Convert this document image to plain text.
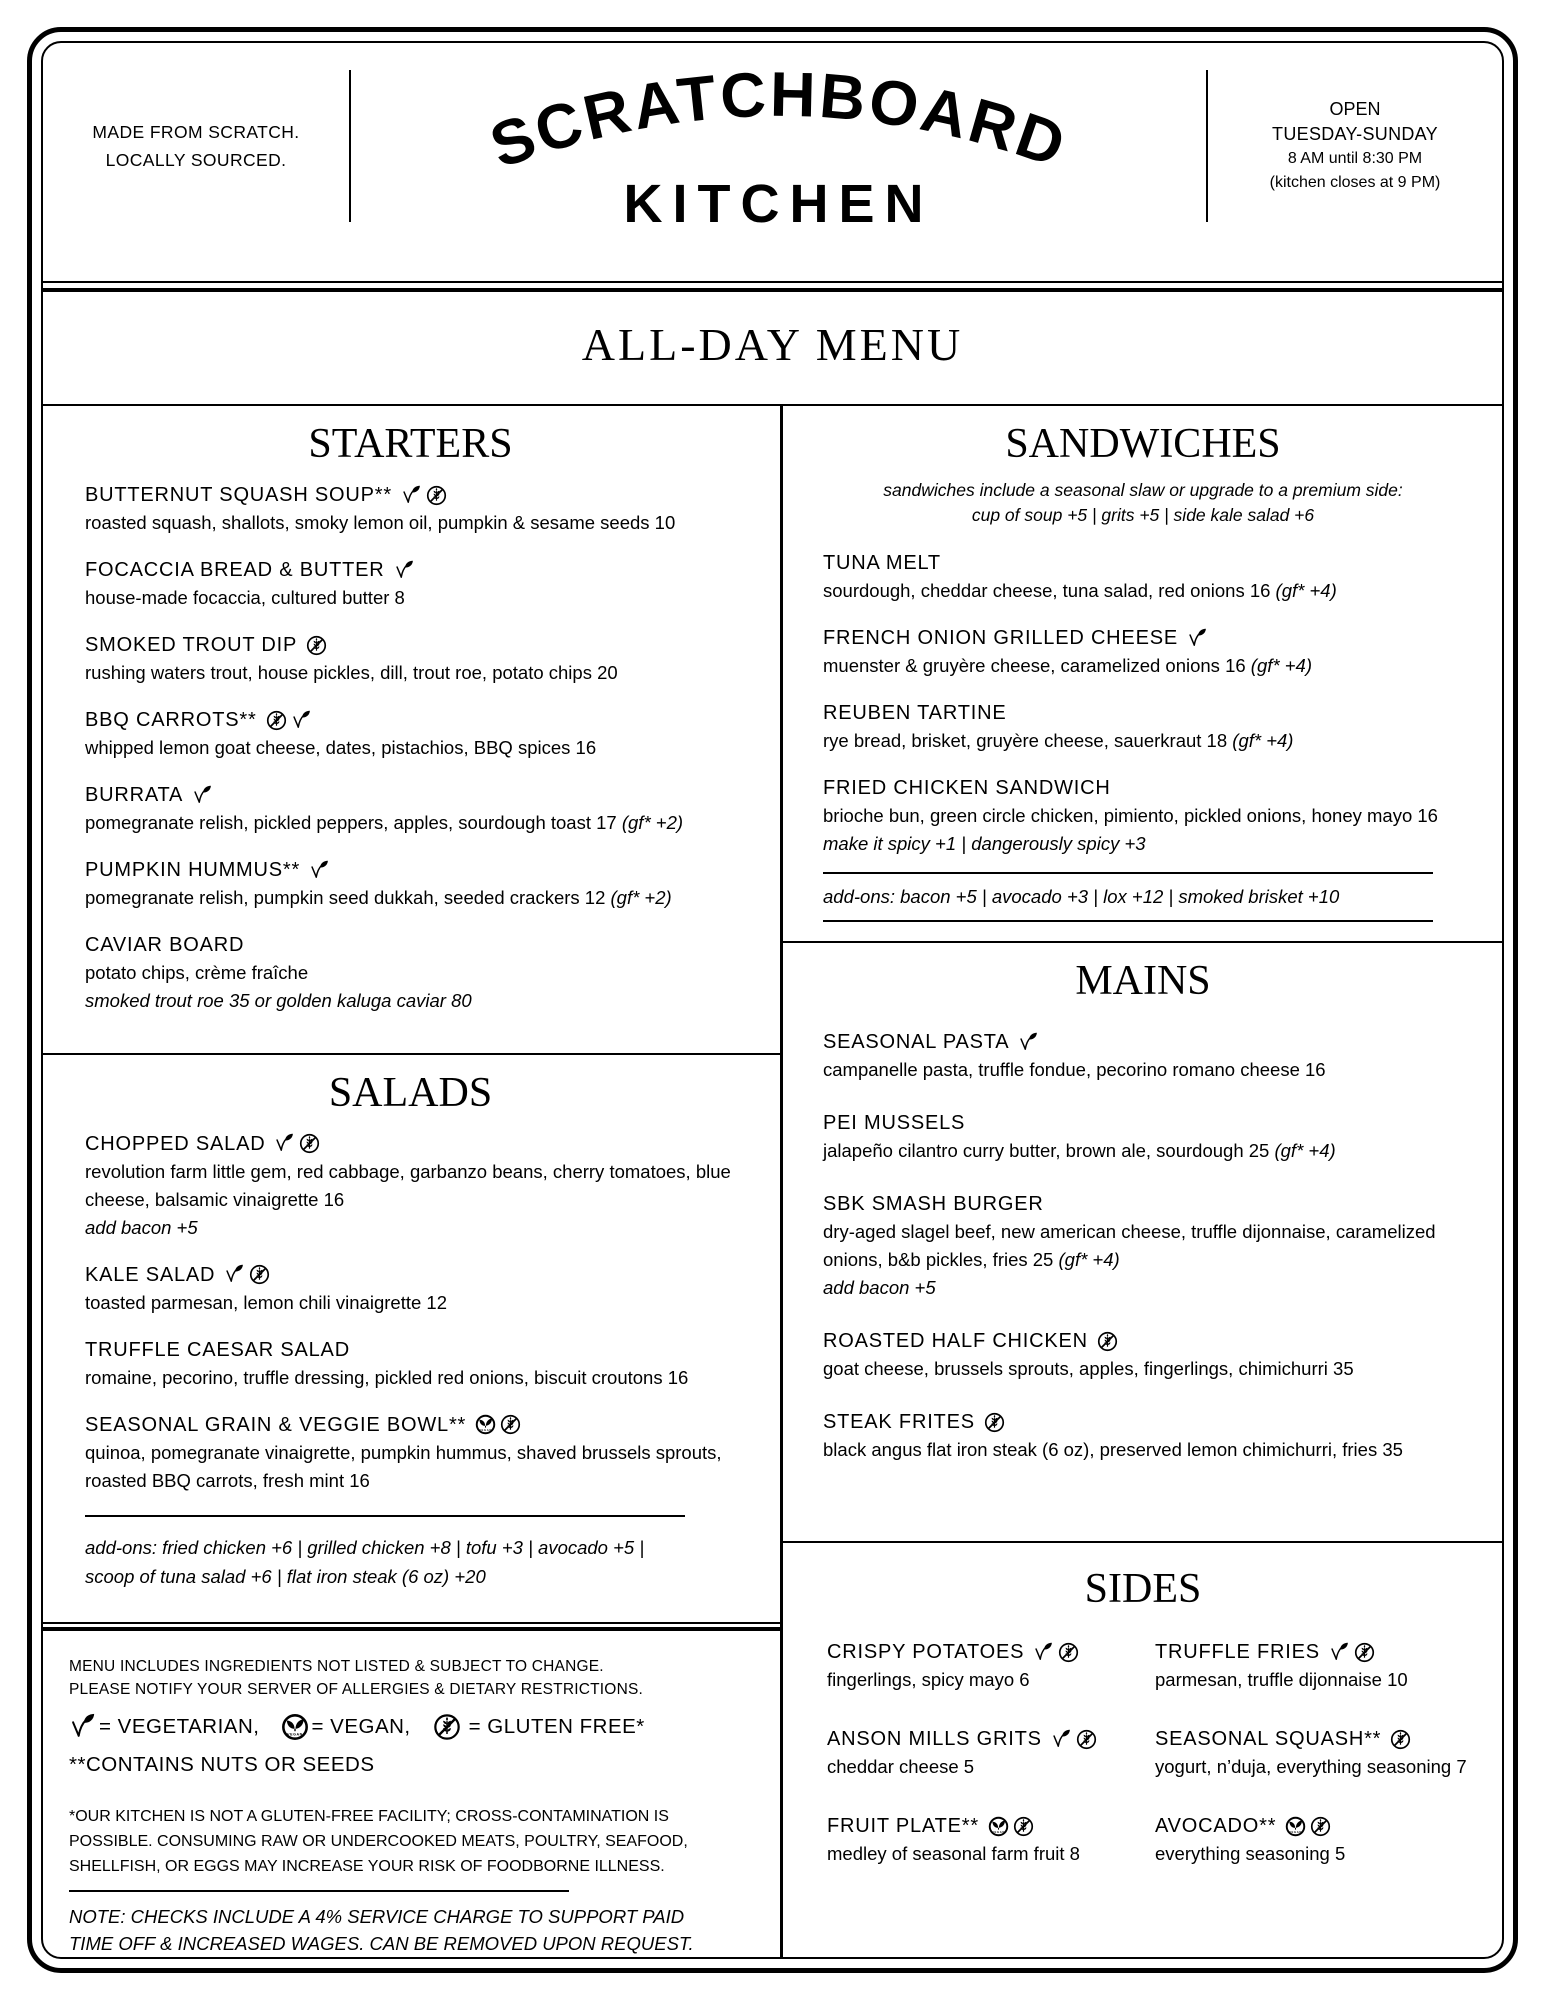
MADE FROM SCRATCH.
LOCALLY SOURCED.	SCRATCHBOARD
KITCHEN
OPEN
TUESDAY-SUNDAY
8 AM until 8:30 PM
(kitchen closes at 9 PM)
ALL-DAY MENU
STARTERS
BUTTERNUT SQUASH SOUP**
roasted squash, shallots, smoky lemon oil, pumpkin & sesame seeds 10
FOCACCIA BREAD & BUTTER
house-made focaccia, cultured butter 8
SMOKED TROUT DIP
rushing waters trout, house pickles, dill, trout roe, potato chips 20
BBQ CARROTS**
whipped lemon goat cheese, dates, pistachios, BBQ spices 16
BURRATA
pomegranate relish, pickled peppers, apples, sourdough toast 17 (gf* +2)
PUMPKIN HUMMUS**
pomegranate relish, pumpkin seed dukkah, seeded crackers 12 (gf* +2)
CAVIAR BOARD
potato chips, crème fraîche
smoked trout roe 35 or golden kaluga caviar 80
SALADS
CHOPPED SALAD
revolution farm little gem, red cabbage, garbanzo beans, cherry tomatoes, blue cheese, balsamic vinaigrette 16
add bacon +5
KALE SALAD
toasted parmesan, lemon chili vinaigrette 12
TRUFFLE CAESAR SALAD
romaine, pecorino, truffle dressing, pickled red onions, biscuit croutons 16
SEASONAL GRAIN & VEGGIE BOWL**
quinoa, pomegranate vinaigrette, pumpkin hummus, shaved brussels sprouts, roasted BBQ carrots, fresh mint 16
add-ons: fried chicken +6 | grilled chicken +8 | tofu +3 | avocado +5 | scoop of tuna salad +6 | flat iron steak (6 oz) +20
MENU INCLUDES INGREDIENTS NOT LISTED & SUBJECT TO CHANGE.
PLEASE NOTIFY YOUR SERVER OF ALLERGIES & DIETARY RESTRICTIONS.
= VEGETARIAN,	= VEGAN,	= GLUTEN FREE*
**CONTAINS NUTS OR SEEDS
*OUR KITCHEN IS NOT A GLUTEN-FREE FACILITY; CROSS-CONTAMINATION IS POSSIBLE. CONSUMING RAW OR UNDERCOOKED MEATS, POULTRY, SEAFOOD, SHELLFISH, OR EGGS MAY INCREASE YOUR RISK OF FOODBORNE ILLNESS.
NOTE: CHECKS INCLUDE A 4% SERVICE CHARGE TO SUPPORT PAID TIME OFF & INCREASED WAGES. CAN BE REMOVED UPON REQUEST.
SANDWICHES
sandwiches include a seasonal slaw or upgrade to a premium side:
cup of soup +5 | grits +5 | side kale salad +6
TUNA MELT
sourdough, cheddar cheese, tuna salad, red onions 16 (gf* +4)
FRENCH ONION GRILLED CHEESE
muenster & gruyère cheese, caramelized onions 16 (gf* +4)
REUBEN TARTINE
rye bread, brisket, gruyère cheese, sauerkraut 18 (gf* +4)
FRIED CHICKEN SANDWICH
brioche bun, green circle chicken, pimiento, pickled onions, honey mayo 16
make it spicy +1 | dangerously spicy +3
add-ons: bacon +5 | avocado +3 | lox +12 | smoked brisket +10
MAINS
SEASONAL PASTA
campanelle pasta, truffle fondue, pecorino romano cheese 16
PEI MUSSELS
jalapeño cilantro curry butter, brown ale, sourdough 25 (gf* +4)
SBK SMASH BURGER
dry-aged slagel beef, new american cheese, truffle dijonnaise, caramelized onions, b&b pickles, fries 25 (gf* +4)
add bacon +5
ROASTED HALF CHICKEN
goat cheese, brussels sprouts, apples, fingerlings, chimichurri 35
STEAK FRITES
black angus flat iron steak (6 oz), preserved lemon chimichurri, fries 35
SIDES
CRISPY POTATOES
fingerlings, spicy mayo 6
TRUFFLE FRIES
parmesan, truffle dijonnaise 10
ANSON MILLS GRITS
cheddar cheese 5
SEASONAL SQUASH**
yogurt, n’duja, everything seasoning 7
FRUIT PLATE**
medley of seasonal farm fruit 8
AVOCADO**
everything seasoning 5
